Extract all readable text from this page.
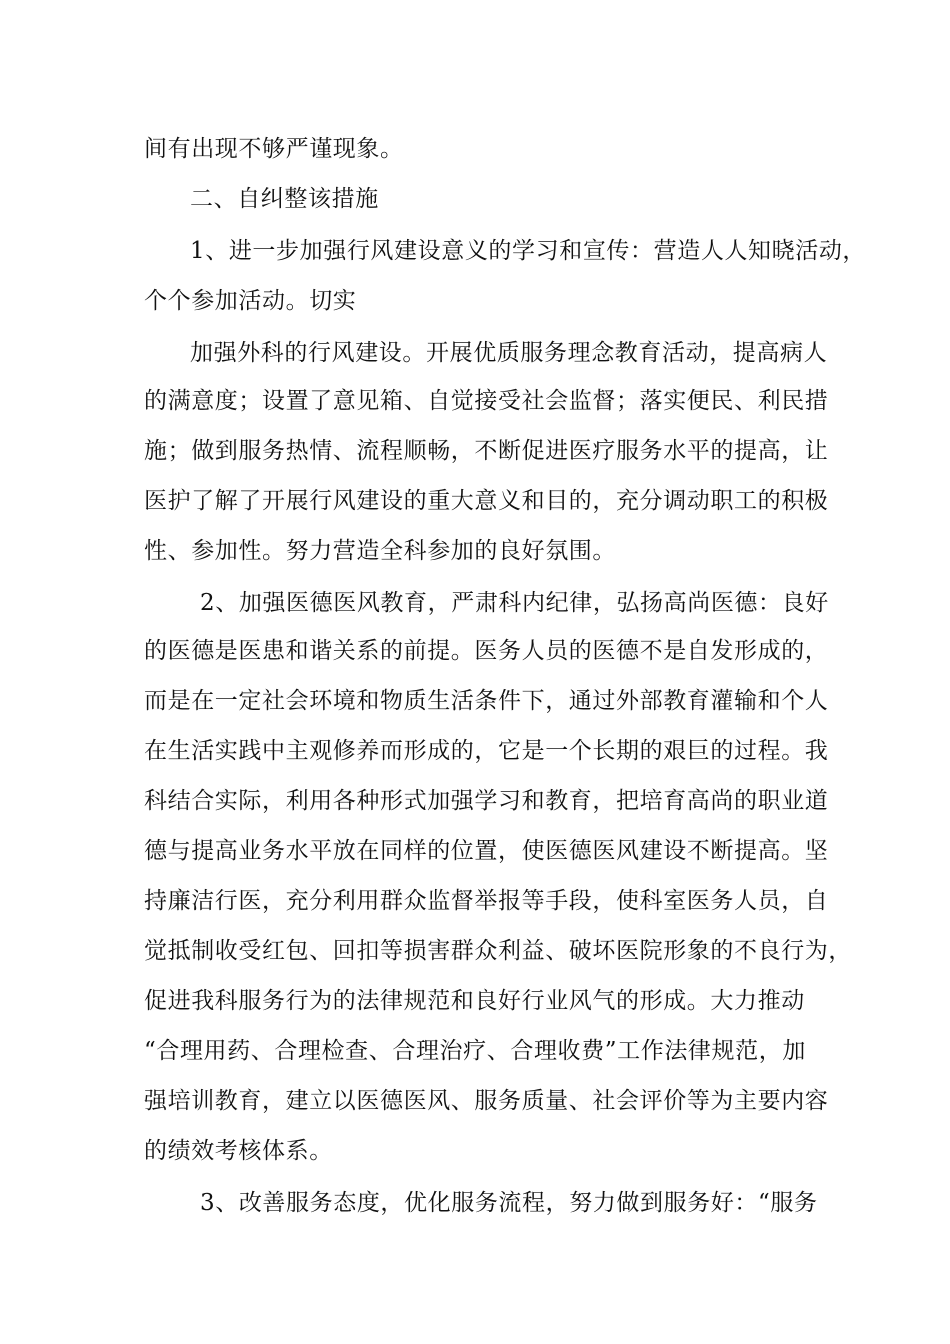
间有出现不够严谨现象。
二、自纠整该措施
1、进一步加强行风建设意义的学习和宣传：营造人人知晓活动，
个个参加活动。切实
加强外科的行风建设。开展优质服务理念教育活动，提高病人
的满意度；设置了意见箱、自觉接受社会监督；落实便民、利民措
施；做到服务热情、流程顺畅，不断促进医疗服务水平的提高，让
医护了解了开展行风建设的重大意义和目的，充分调动职工的积极
性、参加性。努力营造全科参加的良好氛围。
2、加强医德医风教育，严肃科内纪律，弘扬高尚医德：良好
的医德是医患和谐关系的前提。医务人员的医德不是自发形成的，
而是在一定社会环境和物质生活条件下，通过外部教育灌输和个人
在生活实践中主观修养而形成的，它是一个长期的艰巨的过程。我
科结合实际，利用各种形式加强学习和教育，把培育高尚的职业道
德与提高业务水平放在同样的位置，使医德医风建设不断提高。坚
持廉洁行医，充分利用群众监督举报等手段，使科室医务人员，自
觉抵制收受红包、回扣等损害群众利益、破坏医院形象的不良行为，
促进我科服务行为的法律规范和良好行业风气的形成。大力推动
“合理用药、合理检查、合理治疗、合理收费”工作法律规范，加
强培训教育，建立以医德医风、服务质量、社会评价等为主要内容
的绩效考核体系。
3、改善服务态度，优化服务流程，努力做到服务好：“服务
